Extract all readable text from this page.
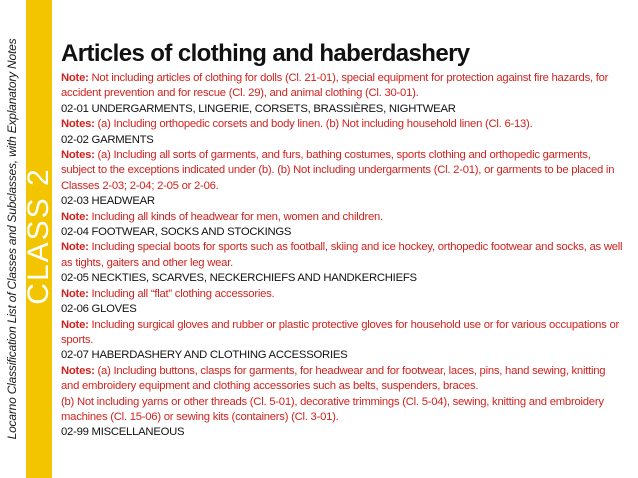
Locarno Classification List of Classes and Subclasses, with Explanatory Notes CLASS 2
Articles of clothing and haberdashery
Note: Not including articles of clothing for dolls (Cl. 21-01), special equipment for protection against fire hazards, for accident prevention and for rescue (Cl. 29), and animal clothing (Cl. 30-01).
02-01 UNDERGARMENTS, LINGERIE, CORSETS, BRASSIÈRES, NIGHTWEAR
Notes: (a) Including orthopedic corsets and body linen. (b) Not including household linen (Cl. 6-13).
02-02 GARMENTS
Notes: (a) Including all sorts of garments, and furs, bathing costumes, sports clothing and orthopedic garments, subject to the exceptions indicated under (b). (b) Not including undergarments (Cl. 2-01), or garments to be placed in Classes 2-03; 2-04; 2-05 or 2-06.
02-03 HEADWEAR
Note: Including all kinds of headwear for men, women and children.
02-04 FOOTWEAR, SOCKS AND STOCKINGS
Note: Including special boots for sports such as football, skiing and ice hockey, orthopedic footwear and socks, as well as tights, gaiters and other leg wear.
02-05 NECKTIES, SCARVES, NECKERCHIEFS AND HANDKERCHIEFS
Note: Including all “flat” clothing accessories.
02-06 GLOVES
Note: Including surgical gloves and rubber or plastic protective gloves for household use or for various occupations or sports.
02-07 HABERDASHERY AND CLOTHING ACCESSORIES
Notes: (a) Including buttons, clasps for garments, for headwear and for footwear, laces, pins, hand sewing, knitting and embroidery equipment and clothing accessories such as belts, suspenders, braces.
(b) Not including yarns or other threads (Cl. 5-01), decorative trimmings (Cl. 5-04), sewing, knitting and embroidery machines (Cl. 15-06) or sewing kits (containers) (Cl. 3-01).
02-99 MISCELLANEOUS
